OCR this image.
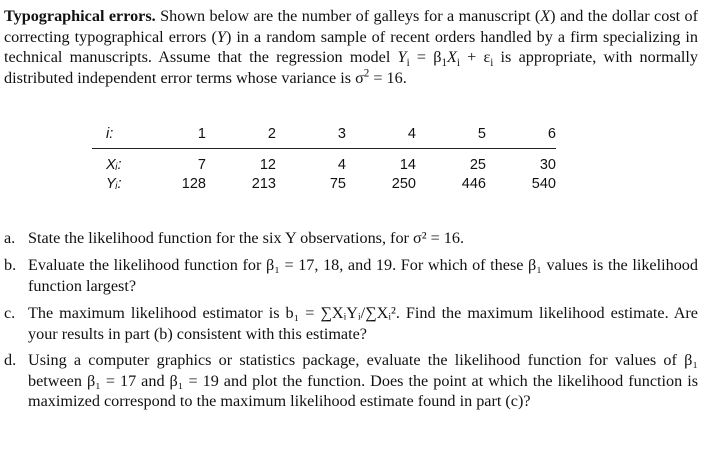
Typographical errors. Shown below are the number of galleys for a manuscript (X) and the dollar cost of correcting typographical errors (Y) in a random sample of recent orders handled by a firm specializing in technical manuscripts. Assume that the regression model $Y_i = \beta_1X_i + \varepsilon_i$ is appropriate, with normally distributed independent error terms whose variance is $\sigma^2 = 16$.
i:	1	2	3	4	5	6
Xᵢ:	7	12	4	14	25	30
Yᵢ:	128	213	75	250	446	540
a. State the likelihood function for the six Y observations, for σ² = 16.
b. Evaluate the likelihood function for β₁ = 17, 18, and 19. For which of these β₁ values is the likelihood function largest?
c. The maximum likelihood estimator is b₁ = ∑XᵢYᵢ/∑Xᵢ². Find the maximum likelihood estimate. Are your results in part (b) consistent with this estimate?
d. Using a computer graphics or statistics package, evaluate the likelihood function for values of β₁ between β₁ = 17 and β₁ = 19 and plot the function. Does the point at which the likelihood function is maximized correspond to the maximum likelihood estimate found in part (c)?
